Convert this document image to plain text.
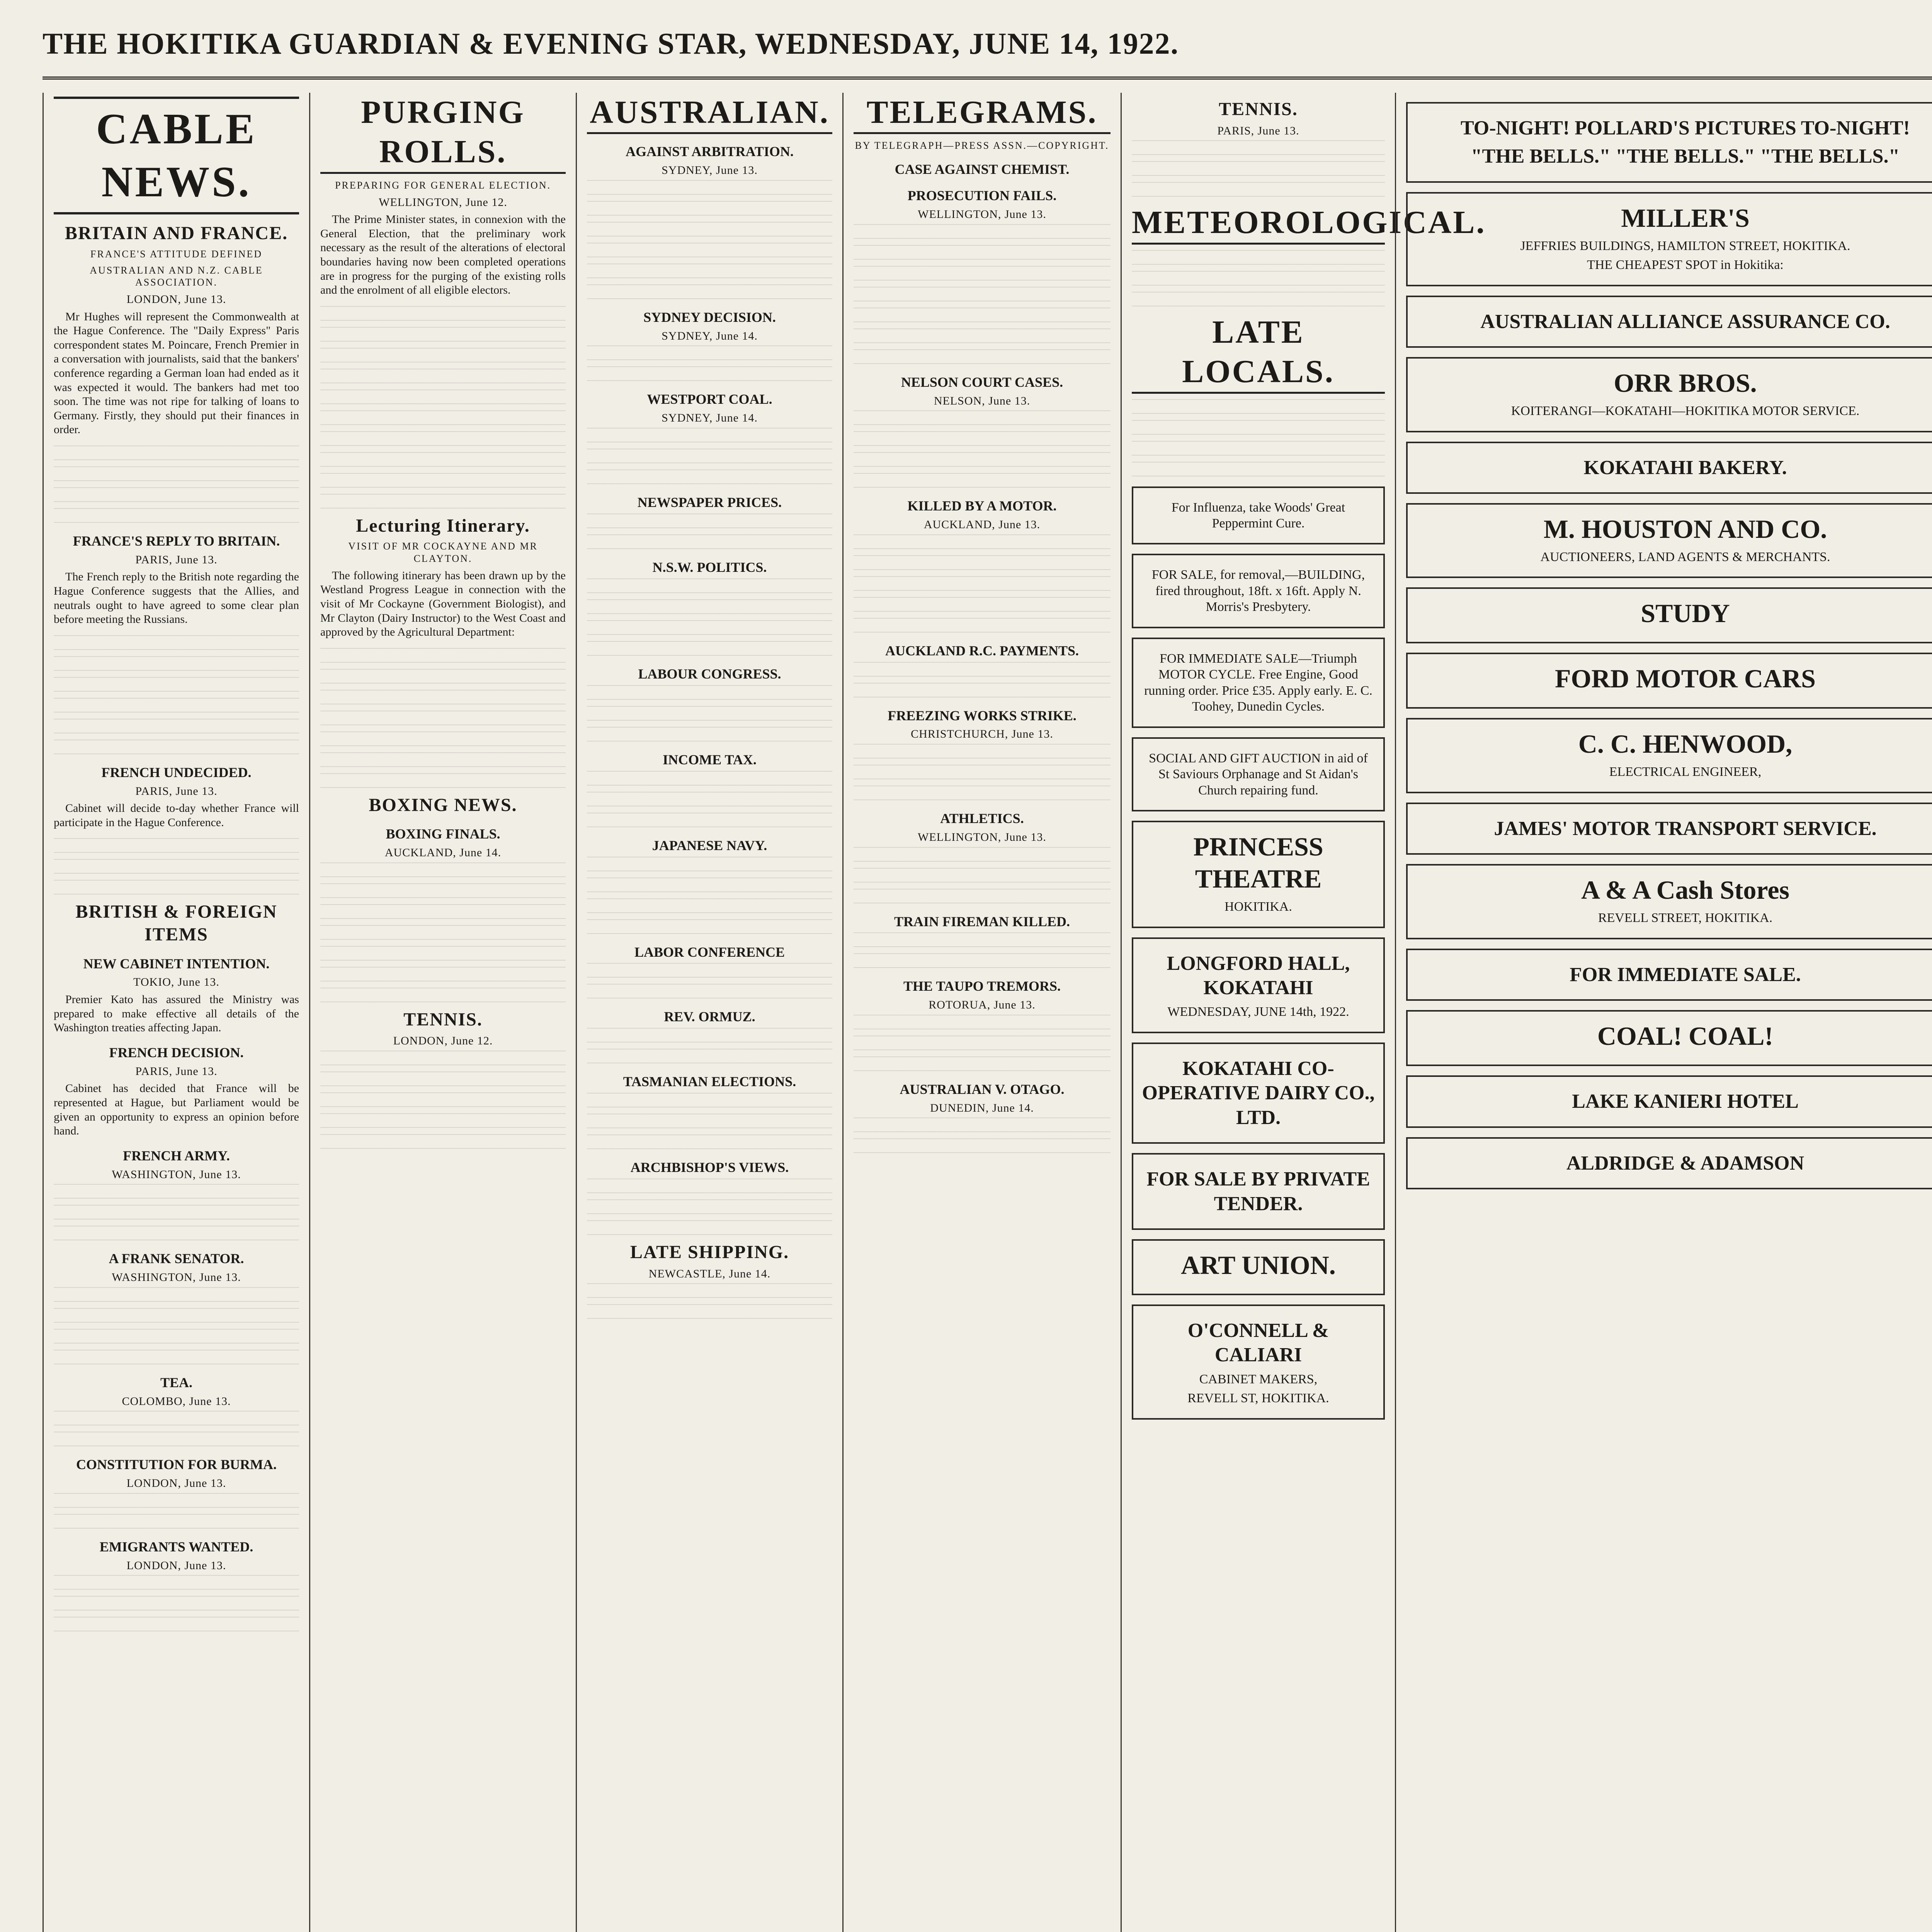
THE HOKITIKA GUARDIAN & EVENING STAR, WEDNESDAY, JUNE 14, 1922.
CABLE NEWS.
BRITAIN AND FRANCE.
FRANCE'S ATTITUDE DEFINED
AUSTRALIAN AND N.Z. CABLE ASSOCIATION.
LONDON, June 13.

Mr Hughes will represent the Commonwealth at the Hague Conference. The "Daily Express" Paris correspondent states M. Poincare, French Premier in a conversation with journalists, said that the bankers' conference regarding a German loan had ended as it was expected it would. The bankers had met too soon. The time was not ripe for talking of loans to Germany. Firstly, they should put their finances in order.

FRANCE'S REPLY TO BRITAIN.
PARIS, June 13.

The French reply to the British note regarding the Hague Conference suggests that the Allies, and neutrals ought to have agreed to some clear plan before meeting the Russians.

FRENCH UNDECIDED.
PARIS, June 13.

Cabinet will decide to-day whether France will participate in the Hague Conference.

BRITISH & FOREIGN ITEMS
NEW CABINET INTENTION.
TOKIO, June 13.

Premier Kato has assured the Ministry was prepared to make effective all details of the Washington treaties affecting Japan.

FRENCH DECISION.
PARIS, June 13.

Cabinet has decided that France will be represented at Hague, but Parliament would be given an opportunity to express an opinion before hand.

FRENCH ARMY.
WASHINGTON, June 13.
A FRANK SENATOR.
WASHINGTON, June 13.
TEA.
COLOMBO, June 13.
CONSTITUTION FOR BURMA.
LONDON, June 13.
EMIGRANTS WANTED.
LONDON, June 13.
PURGING ROLLS.
PREPARING FOR GENERAL ELECTION.
WELLINGTON, June 12.

The Prime Minister states, in connexion with the General Election, that the preliminary work necessary as the result of the alterations of electoral boundaries having now been completed operations are in progress for the purging of the existing rolls and the enrolment of all eligible electors.

Lecturing Itinerary.
VISIT OF MR COCKAYNE AND MR CLAYTON.

The following itinerary has been drawn up by the Westland Progress League in connection with the visit of Mr Cockayne (Government Biologist), and Mr Clayton (Dairy Instructor) to the West Coast and approved by the Agricultural Department:

BOXING NEWS.
BOXING FINALS.
AUCKLAND, June 14.
TENNIS.
LONDON, June 12.
AUSTRALIAN.
AGAINST ARBITRATION.
SYDNEY, June 13.
SYDNEY DECISION.
SYDNEY, June 14.
WESTPORT COAL.
SYDNEY, June 14.
NEWSPAPER PRICES.
N.S.W. POLITICS.
LABOUR CONGRESS.
INCOME TAX.
JAPANESE NAVY.
LABOR CONFERENCE
REV. ORMUZ.
TASMANIAN ELECTIONS.
ARCHBISHOP'S VIEWS.
LATE SHIPPING.
NEWCASTLE, June 14.
TELEGRAMS.
BY TELEGRAPH—PRESS ASSN.—COPYRIGHT.
CASE AGAINST CHEMIST.
PROSECUTION FAILS.
WELLINGTON, June 13.
NELSON COURT CASES.
NELSON, June 13.
KILLED BY A MOTOR.
AUCKLAND, June 13.
AUCKLAND R.C. PAYMENTS.
FREEZING WORKS STRIKE.
CHRISTCHURCH, June 13.
ATHLETICS.
WELLINGTON, June 13.
TRAIN FIREMAN KILLED.
THE TAUPO TREMORS.
ROTORUA, June 13.
AUSTRALIAN V. OTAGO.
DUNEDIN, June 14.
TENNIS.
PARIS, June 13.
METEOROLOGICAL.
LATE LOCALS.
For Influenza, take Woods' Great Peppermint Cure.
FOR SALE, for removal,—BUILDING, fired throughout, 18ft. x 16ft. Apply N. Morris's Presbytery.
FOR IMMEDIATE SALE—Triumph MOTOR CYCLE. Free Engine, Good running order. Price £35. Apply early. E. C. Toohey, Dunedin Cycles.
SOCIAL AND GIFT AUCTION in aid of St Saviours Orphanage and St Aidan's Church repairing fund.
PRINCESS THEATRE
HOKITIKA.
LONGFORD HALL, KOKATAHI
WEDNESDAY, JUNE 14th, 1922.
KOKATAHI CO-OPERATIVE DAIRY CO., LTD.
FOR SALE BY PRIVATE TENDER.
ART UNION.
O'CONNELL & CALIARI
CABINET MAKERS,
REVELL ST, HOKITIKA.
TO-NIGHT! POLLARD'S PICTURES TO-NIGHT!
"THE BELLS." "THE BELLS." "THE BELLS."
MILLER'S
JEFFRIES BUILDINGS, HAMILTON STREET, HOKITIKA.
THE CHEAPEST SPOT in Hokitika:
AUSTRALIAN ALLIANCE ASSURANCE CO.
ORR BROS.
KOITERANGI—KOKATAHI—HOKITIKA MOTOR SERVICE.
KOKATAHI BAKERY.
M. HOUSTON AND CO.
AUCTIONEERS, LAND AGENTS & MERCHANTS.
STUDY
FORD MOTOR CARS
C. C. HENWOOD,
ELECTRICAL ENGINEER,
JAMES' MOTOR TRANSPORT SERVICE.
A & A Cash Stores
REVELL STREET, HOKITIKA.
FOR IMMEDIATE SALE.
COAL! COAL!
LAKE KANIERI HOTEL
ALDRIDGE & ADAMSON
